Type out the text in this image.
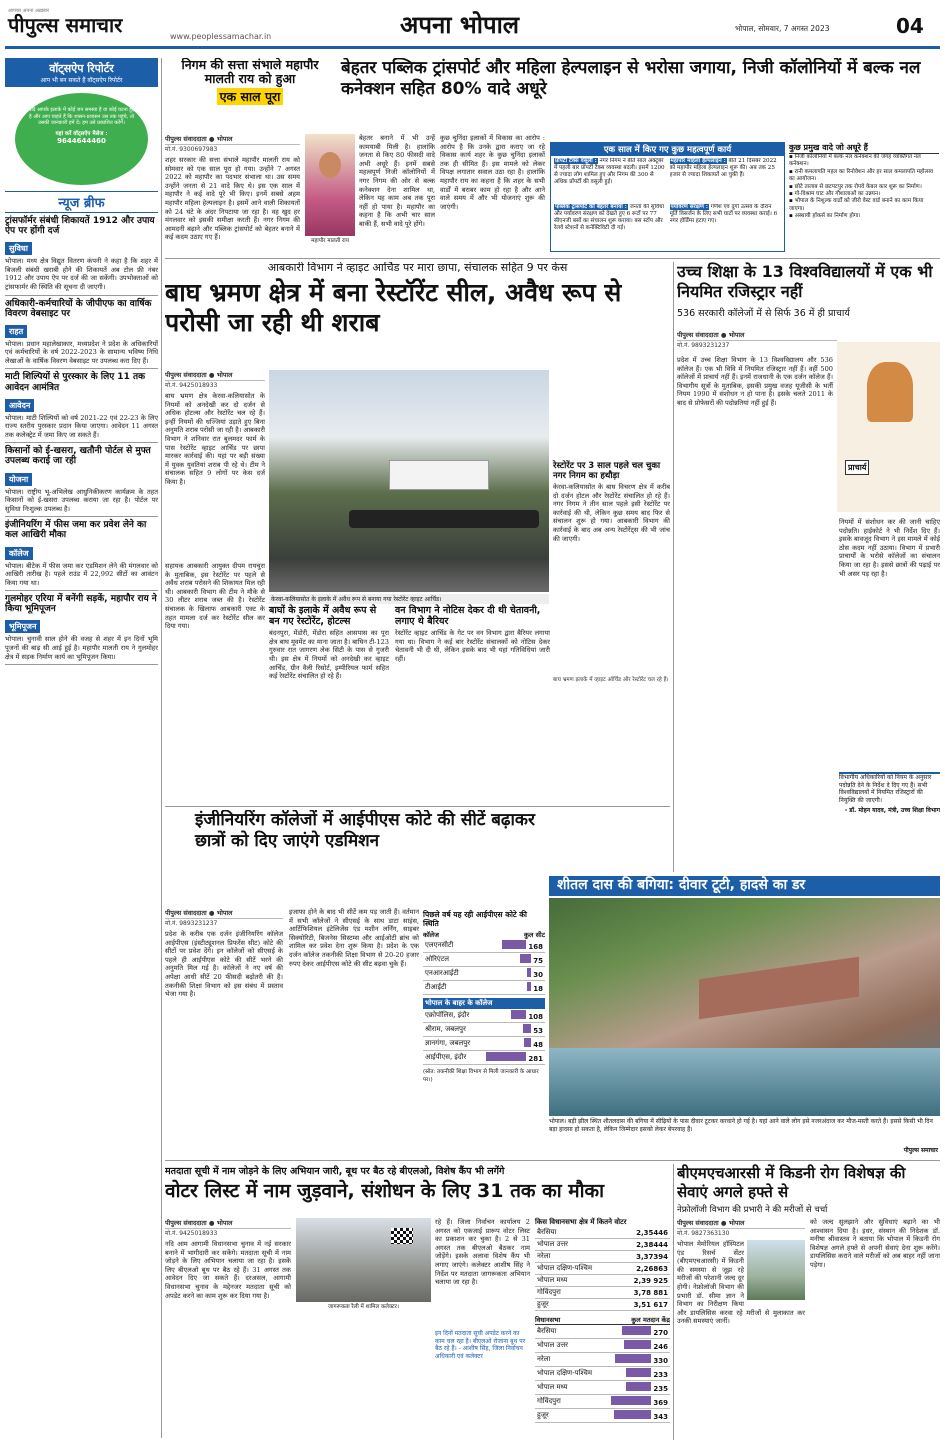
आपका अपना अख़बार
पीपुल्स समाचार	www.peoplessamachar.in	अपना भोपाल	भोपाल, सोमवार, 7 अगस्त 2023	04
वॉट्सऐप रिपोर्टर
आप भी बन सकते हैं वॉट्सऐप रिपोर्टर
यदि आपके इलाके में कोई जन समस्या है या कोई घटना हुई है और आप चाहते हैं कि शासन-प्रशासन उस तक पहुंचे, तो उसकी जानकारी हमें दें। हम उसे प्रकाशित करेंगे।
यहां करें वॉट्सऐप मैसेज :
9644644460
न्यूज ब्रीफ
ट्रांसफॉर्मर संबंधी शिकायतें 1912 और उपाय ऐप पर होंगी दर्ज
सुविधा
भोपाल। मध्य क्षेत्र विद्युत वितरण कंपनी ने कहा है कि शहर में बिजली संबंधी खराबी होने की शिकायतें अब टोल फ्री नंबर 1912 और उपाय ऐप पर दर्ज की जा सकेंगी। उपभोक्ताओं को ट्रांसफार्मर की स्थिति की सूचना दी जाएगी।
अधिकारी-कर्मचारियों के जीपीएफ का वार्षिक विवरण वेबसाइट पर
राहत
भोपाल। प्रधान महालेखाकार, मध्यप्रदेश ने प्रदेश के अधिकारियों एवं कर्मचारियों के वर्ष 2022-2023 के सामान्य भविष्य निधि लेखाओं के वार्षिक विवरण वेबसाइट पर उपलब्ध करा दिए हैं।
माटी शिल्पियों से पुरस्कार के लिए 11 तक आवेदन आमंत्रित
आवेदन
भोपाल। माटी शिल्पियों को वर्ष 2021-22 एवं 22-23 के लिए राज्य स्तरीय पुरस्कार प्रदान किया जाएगा। आवेदन 11 अगस्त तक कलेक्ट्रेट में जमा किए जा सकते हैं।
किसानों को ई-खसरा, खतौनी पोर्टल से मुफ्त उपलब्ध कराई जा रही
योजना
भोपाल। राष्ट्रीय भू-अभिलेख आधुनिकीकरण कार्यक्रम के तहत किसानों को ई-खसरा उपलब्ध कराया जा रहा है। पोर्टल पर सुविधा निःशुल्क उपलब्ध है।
इंजीनियरिंग में फीस जमा कर प्रवेश लेने का कल आखिरी मौका
कॉलेज
भोपाल। बीटेक में फीस जमा कर एडमिशन लेने की मंगलवार को आखिरी तारीख है। पहले राउंड में 22,992 सीटों का आवंटन किया गया था।
गुलमोहर एरिया में बनेंगी सड़कें, महापौर राय ने किया भूमिपूजन
भूमिपूजन
भोपाल। चुनावी साल होने की वजह से शहर में इन दिनों भूमि पूजनों की बाढ़ सी आई हुई है। महापौर मालती राय ने गुलमोहर क्षेत्र में सड़क निर्माण कार्य का भूमिपूजन किया।
निगम की सत्ता संभाले महापौर मालती राय को हुआ
एक साल पूरा
बेहतर पब्लिक ट्रांसपोर्ट और महिला हेल्पलाइन से भरोसा जगाया, निजी कॉलोनियों में बल्क नल कनेक्शन सहित 80% वादे अधूरे
पीपुल्स संवाददाता ● भोपाल
मो.नं. 9300697983
शहर सरकार की सत्ता संभाले महापौर मालती राय को सोमवार को एक साल पूरा हो गया। उन्होंने 7 अगस्त 2022 को महापौर का पदभार संभाला था। उस समय उन्होंने जनता से 21 वादे किए थे। इस एक साल में महापौर ने कई वादे पूरे भी किए। इनमें सबसे अहम महापौर महिला हेल्पलाइन है। इसमें आने वाली शिकायतों को 24 घंटे के अंदर निपटाया जा रहा है। वह खुद हर मंगलवार को इसकी समीक्षा करती हैं। नगर निगम की आमदनी बढ़ाने और पब्लिक ट्रांसपोर्ट को बेहतर बनाने में कई कदम उठाए गए हैं।	महापौर मालती राय
बेहतर बनाने में भी उन्हें कामयाबी मिली है। हालांकि जनता से किए 80 फीसदी वादे अभी अधूरे हैं। इनमें सबसे महत्वपूर्ण निजी कॉलोनियों में नगर निगम की ओर से बल्क कनेक्शन देना शामिल था, लेकिन यह काम अब तक पूरा नहीं हो पाया है। महापौर का कहना है कि अभी चार साल बाकी हैं, सभी वादे पूरे होंगे।
कुछ चुनिंदा इलाकों में विकास का आरोप : आरोप है कि उनके द्वारा कराए जा रहे विकास कार्य शहर के कुछ चुनिंदा इलाकों तक ही सीमित हैं। इस मामले को लेकर विपक्ष लगातार सवाल उठा रहा है। हालांकि महापौर राय का कहना है कि शहर के सभी वार्डों में बराबर काम हो रहा है और आने वाले समय में और भी योजनाएं शुरू की जाएंगी।
एक साल में किए गए कुछ महत्वपूर्ण कार्य
प्रॉपर्टी टैक्स वसूली : नगर निगम ने बीते साल अक्टूबर में पहली बार प्रॉपर्टी टैक्स व्यवस्था बदली। इसमें 1200 से ज्यादा लोग शामिल हुए और निगम की 300 से अधिक प्रॉपर्टी की वसूली हुई।
महापौर महिला हेल्पलाइन : बीते 21 दिसंबर 2022 को महापौर महिला हेल्पलाइन शुरू की। अब तक 25 हजार से ज्यादा शिकायतें आ चुकी हैं।
पब्लिक ट्रांसपोर्ट को बेहतर बनाया : जनता की सुविधा और पर्यावरण संरक्षण को देखते हुए 6 रूटों पर 77 सीएनजी बसों का संचालन शुरू कराया। बस स्टॉप और रेलवे स्टेशनों से कनेक्टिविटी दी गई।
पर्यावरण संरक्षण : गणेश एवं दुर्गा उत्सव के दौरान मूर्ति विसर्जन के लिए सभी घाटों पर व्यवस्था कराई। 6 नगर होर्डिंग्स हटाए गए।
कुछ प्रमुख वादे जो अधूरे हैं
▪ निजी कॉलोनियों में बल्क नल कनेक्शन की जगह व्यक्तिगत नल कनेक्शन।
▪ रानी कमलापति महल का रिनोवेशन और हर साल कमलापति महोत्सव का आयोजन।
▪ छोटे तालाब से छटपटपुर तक रोपवे केबल कार शुरू का निर्माण।
▪ गो-विश्राम घाट और गौशालाओं का उन्नयन।
▪ भोपाल के निशुल्क वार्डों को जीरो वेस्ट वार्ड बनाने का काम किया जाएगा।
▪ अस्थायी हॉकर्स का निर्माण होगा।
आबकारी विभाग ने व्हाइट आर्चिड पर मारा छापा, संचालक सहित 9 पर केस
बाघ भ्रमण क्षेत्र में बना रेस्टॉरेंट सील, अवैध रूप से परोसी जा रही थी शराब
पीपुल्स संवाददाता ● भोपाल
मो.नं. 9425018933
बाघ भ्रमण क्षेत्र केरवा-कलियासोत के नियमों को अनदेखी कर दो दर्जन से अधिक होटल्स और रेस्टोरेंट चल रहे हैं। इन्हीं नियमों की धज्जियां उड़ाते हुए बिना अनुमति शराब परोसी जा रही है। आबकारी विभाग ने शनिवार रात बुलमदर फार्म के पास रेस्टोरेंट व्हाइट आर्चिड पर छापा मारकर कार्रवाई की। यहां पर बड़ी संख्या में युवक युवतियां शराब पी रहे थे। टीम ने संचालक सहित 9 लोगों पर केस दर्ज किया है।
सहायक आबकारी आयुक्त दीपम रायचुरा के मुताबिक, इस रेस्टोरेंट पर पहले से अवैध शराब परोसने की शिकायत मिल रही थी। आबकारी विभाग की टीम ने मौके से 30 लीटर शराब जब्त की है। रेस्टोरेंट संचालक के खिलाफ आबकारी एक्ट के तहत मामला दर्ज कर रेस्टोरेंट सील कर दिया गया।
केरवा-कलियासोत के इलाके में अवैध रूप से बनाया गया रेस्टोरेंट व्हाइट आर्चिड।
बाघों के इलाके में अवैध रूप से बन गए रेस्टोरेंट, होटल्स
बंदनपुरा, मेंडोरी, मेंडोरा सहित आसपास का पूरा क्षेत्र बाघ मूवमेंट का माना जाता है। बाघिन टी-123 गुरुवार रात जागरण लेक सिटी के पास से गुजरी थी। इस क्षेत्र में नियमों को अनदेखी कर व्हाइट आर्चिड, ग्रीन वैली रिसोर्ट, इम्पीरियल फार्म सहित कई रेस्टोरेंट संचालित हो रहे हैं।
वन विभाग ने नोटिस देकर दी थी चेतावनी, लगाए थे बैरियर
रेस्टोरेंट व्हाइट आर्चिड के गेट पर वन विभाग द्वारा बैरियर लगाया गया था। विभाग ने कई बार रेस्टोरेंट संचालकों को नोटिस देकर चेतावनी भी दी थी, लेकिन इसके बाद भी यहां गतिविधियां जारी रहीं।
रेस्टोरेंट पर 3 साल पहले चल चुका नगर निगम का हथौड़ा
केरवा-कलियासोत के बाघ विचरण क्षेत्र में करीब दो दर्जन होटल और रेस्टोरेंट संचालित हो रहे हैं। नगर निगम ने तीन साल पहले इसी रेस्टोरेंट पर कार्रवाई की थी, लेकिन कुछ समय बाद फिर से संचालन शुरू हो गया। आबकारी विभाग की कार्रवाई के बाद अब अन्य रेस्टोरेंट्स की भी जांच की जाएगी।
बाघ भ्रमण इलाके में व्हाइट ऑर्चिड और रेस्टोरेंट चल रहे हैं।
उच्च शिक्षा के 13 विश्वविद्यालयों में एक भी नियमित रजिस्ट्रार नहीं
536 सरकारी कॉलेजों में से सिर्फ 36 में ही प्राचार्य
पीपुल्स संवाददाता ● भोपाल
मो.नं. 9893231237
प्राचार्य
प्रदेश में उच्च शिक्षा विभाग के 13 विश्वविद्यालय और 536 कॉलेज हैं। एक भी विवि में नियमित रजिस्ट्रार नहीं हैं। वहीं 500 कॉलेजों में प्राचार्य नहीं हैं। इनमें राजधानी के एक दर्जन कॉलेज हैं। विभागीय सूत्रों के मुताबिक, इसकी प्रमुख वजह यूजीसी के भर्ती नियम 1990 में संशोधन न हो पाना है। इसके चलते 2011 के बाद से प्रोफेसरों की पदोन्नतियां नहीं हुई हैं।
नियमों में संशोधन कर की जानी चाहिए पदोन्नति। हाईकोर्ट ने भी निर्देश दिए हैं। इसके बावजूद विभाग ने इस मामले में कोई ठोस कदम नहीं उठाया। विभाग में प्रभारी प्राचार्यों के भरोसे कॉलेजों का संचालन किया जा रहा है। इससे छात्रों की पढ़ाई पर भी असर पड़ रहा है।
विभागीय अधिकारियों को नियम के अनुसार पदोन्नति देने के निर्देश दे दिए गए हैं। सभी विश्वविद्यालयों में नियमित रजिस्ट्रारों की नियुक्ति की जाएगी।
- डॉ. मोहन यादव, मंत्री, उच्च शिक्षा विभाग
इंजीनियरिंग कॉलेजों में आईपीएस कोटे की सीटें बढ़ाकर छात्रों को दिए जाएंगे एडमिशन
पीपुल्स संवाददाता ● भोपाल
मो.नं. 9893231237
प्रदेश के करीब एक दर्जन इंजीनियरिंग कॉलेज आईपीएस (इंस्टीट्यूशनल प्रिफरेंस सीट) कोटे की सीटों पर प्रवेश देंगे। इन कॉलेजों को सीएसई के पहले ही आईपीएस कोटे की सीटें भरने की अनुमति मिल गई है। कॉलेजों ने नए वर्ष की अपेक्षा आधी सीटें 20 फीसदी बढ़ोतरी की है। तकनीकी शिक्षा विभाग को इस संबंध में प्रस्ताव भेजा गया है।
इजाफा होने के बाद भी सीटें कम पड़ जाती हैं। वर्तमान में सभी कॉलेजों ने सीएसई के साथ डाटा साइंस, आर्टिफिशियल इंटेलिजेंस एंड मशीन लर्निंग, साइबर सिक्योरिटी, बिजनेस सिस्टम्स और आईओटी ब्रांच को शामिल कर प्रवेश देना शुरू किया है। प्रदेश के एक दर्जन कॉलेज तकनीकी शिक्षा विभाग से 20-20 हजार रुपए देकर आईपीएस कोटे की सीट बढ़वा चुके हैं।
पिछले वर्ष यह रही आईपीएस कोटे की स्थिति
कॉलेज	कुल सीट
एलएनसीटी	168
ओरिएंटल	75
एनआरआईटी	30
टीआईटी	18
भोपाल के बाहर के कॉलेज
एक्रोपॉलिस, इंदौर	108
श्रीराम, जबलपुर	53
ज्ञानगंगा, जबलपुर	48
आईपीएस, इंदौर	281
(स्रोत: तकनीकी शिक्षा विभाग से मिली जानकारी के आधार पर।)
शीतल दास की बगिया: दीवार टूटी, हादसे का डर
भोपाल। बड़ी झील स्थित शीतलदास की बगिया में सीढ़ियों के पास दीवार टूटकर करवाने हो गई है। यहां आने वाले लोग इसे नजरअंदाज कर मौज-मस्ती करते हैं। इससे किसी भी दिन बड़ा हादसा हो सकता है, लेकिन जिम्मेदार इसको लेकर बेपरवाह हैं।
पीपुल्स समाचार
मतदाता सूची में नाम जोड़ने के लिए अभियान जारी, बूथ पर बैठ रहे बीएलओ, विशेष कैंप भी लगेंगे
वोटर लिस्ट में नाम जुड़वाने, संशोधन के लिए 31 तक का मौका
पीपुल्स संवाददाता ● भोपाल
मो.नं. 9425018933
नदि आम आगामी विधानसभा चुनाव में नई सरकार बनाने में भागीदारी कर सकेंगे। मतदाता सूची में नाम जोड़ने के लिए अभियान चलाया जा रहा है। इसके लिए बीएलओ बूथ पर बैठ रहे हैं। 31 अगस्त तक आवेदन दिए जा सकते हैं। दरअसल, आगामी विधानसभा चुनाव के मद्देनजर मतदाता सूची को अपडेट करने का काम शुरू कर दिया गया है।
जागरूकता रैली में शामिल कलेक्टर।
रहे हैं। जिला निर्वाचन कार्यालय 2 अगस्त को एकजाई प्रारूप वोटर लिस्ट का प्रकाशन कर चुका है। 2 से 31 अगस्त तक बीएलओ बैठकर नाम जोड़ेंगे। इसके अलावा विशेष कैंप भी लगाए जाएंगे। कलेक्टर आशीष सिंह ने निर्देश पर मतदाता जागरूकता अभियान चलाया जा रहा है।
इन दिनों मतदाता सूची अपडेट करने का काम चल रहा है। बीएलओ रोजाना बूथ पर बैठ रहे हैं। - आशीष सिंह, जिला निर्वाचन अधिकारी एवं कलेक्टर
किस विधानसभा क्षेत्र में कितने वोटर
बैरसिया	2,35446
भोपाल उत्तर	2,38444
नरेला	3,37394
भोपाल दक्षिण-पश्चिम	2,26863
भोपाल मध्य	2,39 925
गोविंदपुरा	3,78 881
हुजूर	3,51 617
विधानसभा	कुल मतदान केंद्र
बैरसिया	270
भोपाल उत्तर	246
नरेला	330
भोपाल दक्षिण-पश्चिम	233
भोपाल मध्य	235
गोविंदपुरा	369
हुजूर	343
बीएमएचआरसी में किडनी रोग विशेषज्ञ की सेवाएं अगले हफ्ते से
नेफ्रोलॉजी विभाग की प्रभारी ने की मरीजों से चर्चा
पीपुल्स संवाददाता ● भोपाल
मो.नं. 9827363130
भोपाल मेमोरियल हॉस्पिटल एंड रिसर्च सेंटर (बीएमएचआरसी) में किडनी की समस्या से जूझ रहे मरीजों की परेशानी जल्द दूर होगी। नेफ्रोलॉजी विभाग की प्रभारी डॉ. सीमा ज्ञान ने विभाग का निरीक्षण किया और डायलिसिस करवा रहे मरीजों से मुलाकात कर उनकी समस्याएं जानीं।
को जल्द सुलझाने और सुविधाएं बढ़ाने का भी आश्वासन दिया है। इधर, संस्थान की निदेशक डॉ. मनीषा श्रीवास्तव ने बताया कि भोपाल में किडनी रोग विशेषज्ञ अगले हफ्ते से अपनी सेवाएं देना शुरू करेंगे। डायलिसिस कराने वाले मरीजों को अब बाहर नहीं जाना पड़ेगा।
